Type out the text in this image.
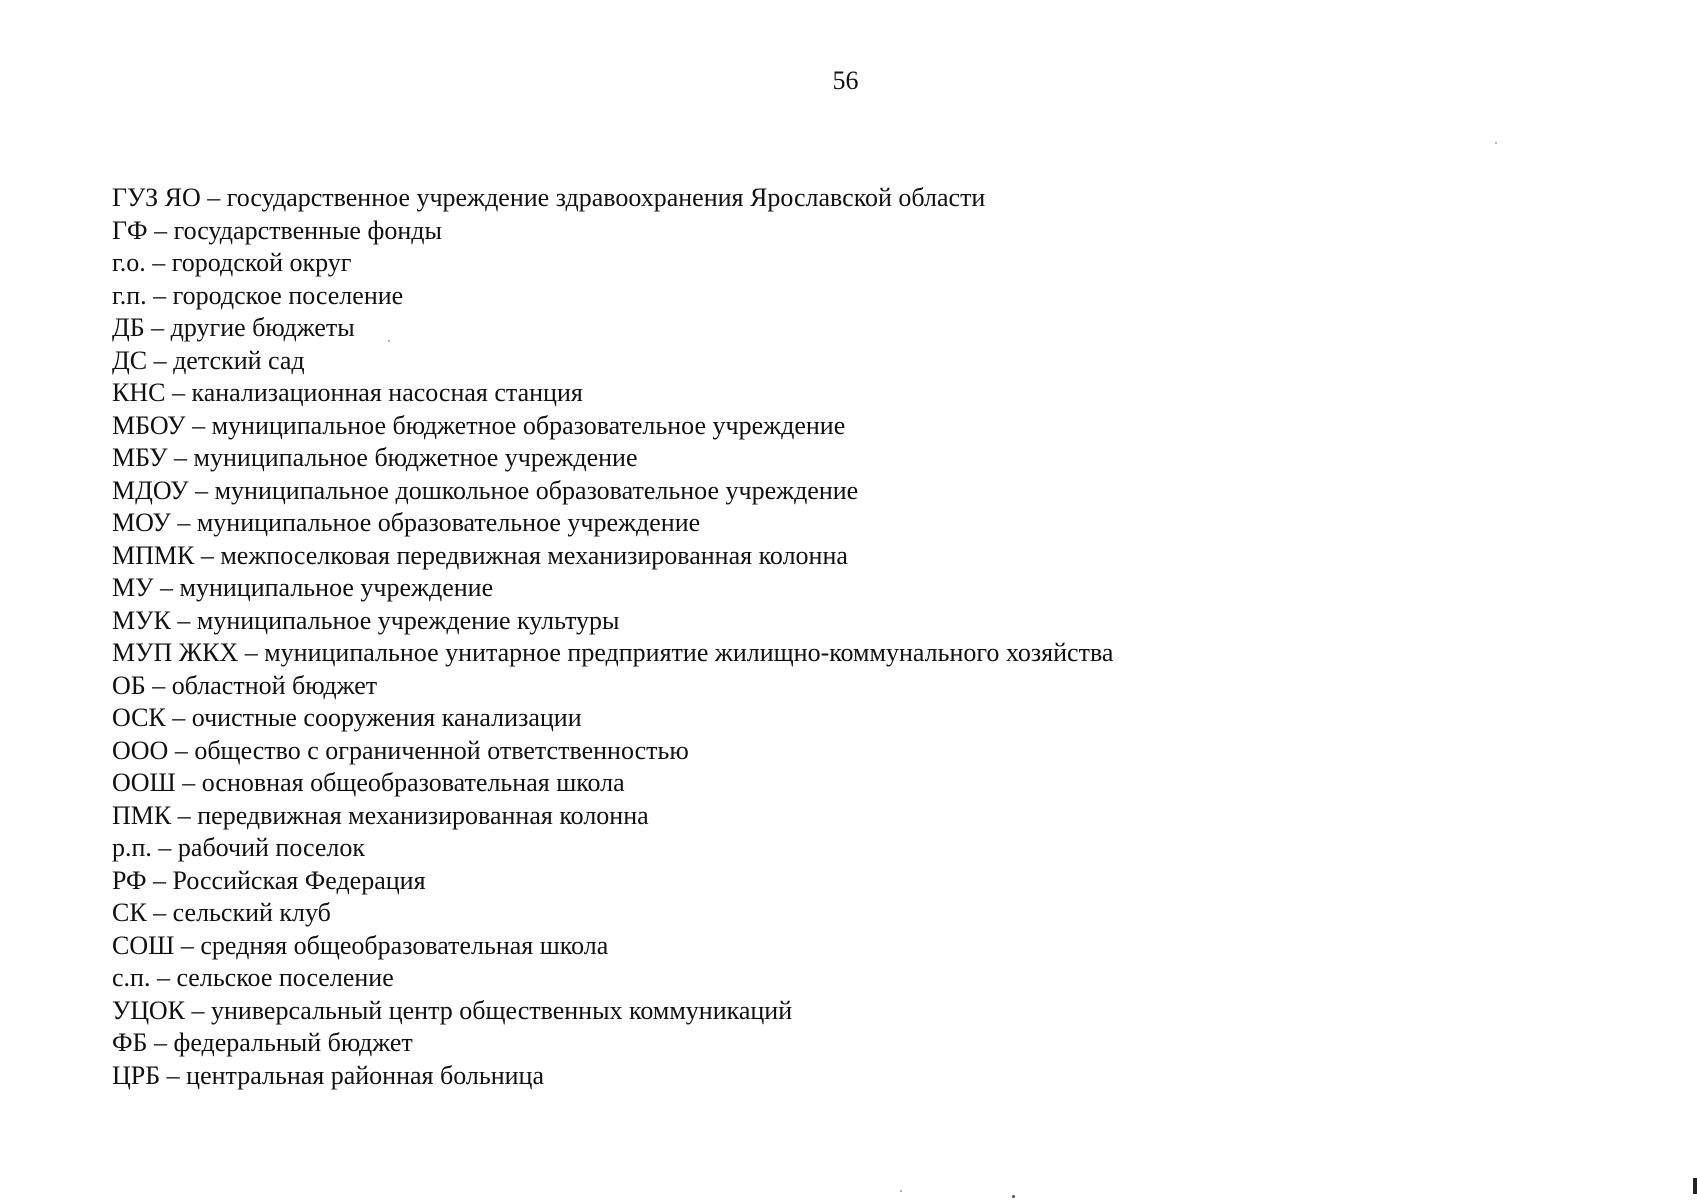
56
ГУЗ ЯО – государственное учреждение здравоохранения Ярославской области
ГФ – государственные фонды
г.о. – городской округ
г.п. – городское поселение
ДБ – другие бюджеты
ДС – детский сад
КНС – канализационная насосная станция
МБОУ – муниципальное бюджетное образовательное учреждение
МБУ – муниципальное бюджетное учреждение
МДОУ – муниципальное дошкольное образовательное учреждение
МОУ – муниципальное образовательное учреждение
МПМК – межпоселковая передвижная механизированная колонна
МУ – муниципальное учреждение
МУК – муниципальное учреждение культуры
МУП ЖКХ – муниципальное унитарное предприятие жилищно-коммунального хозяйства
ОБ – областной бюджет
ОСК – очистные сооружения канализации
ООО – общество с ограниченной ответственностью
ООШ – основная общеобразовательная школа
ПМК – передвижная механизированная колонна
р.п. – рабочий поселок
РФ – Российская Федерация
СК – сельский клуб
СОШ – средняя общеобразовательная школа
с.п. – сельское поселение
УЦОК – универсальный центр общественных коммуникаций
ФБ – федеральный бюджет
ЦРБ – центральная районная больница
